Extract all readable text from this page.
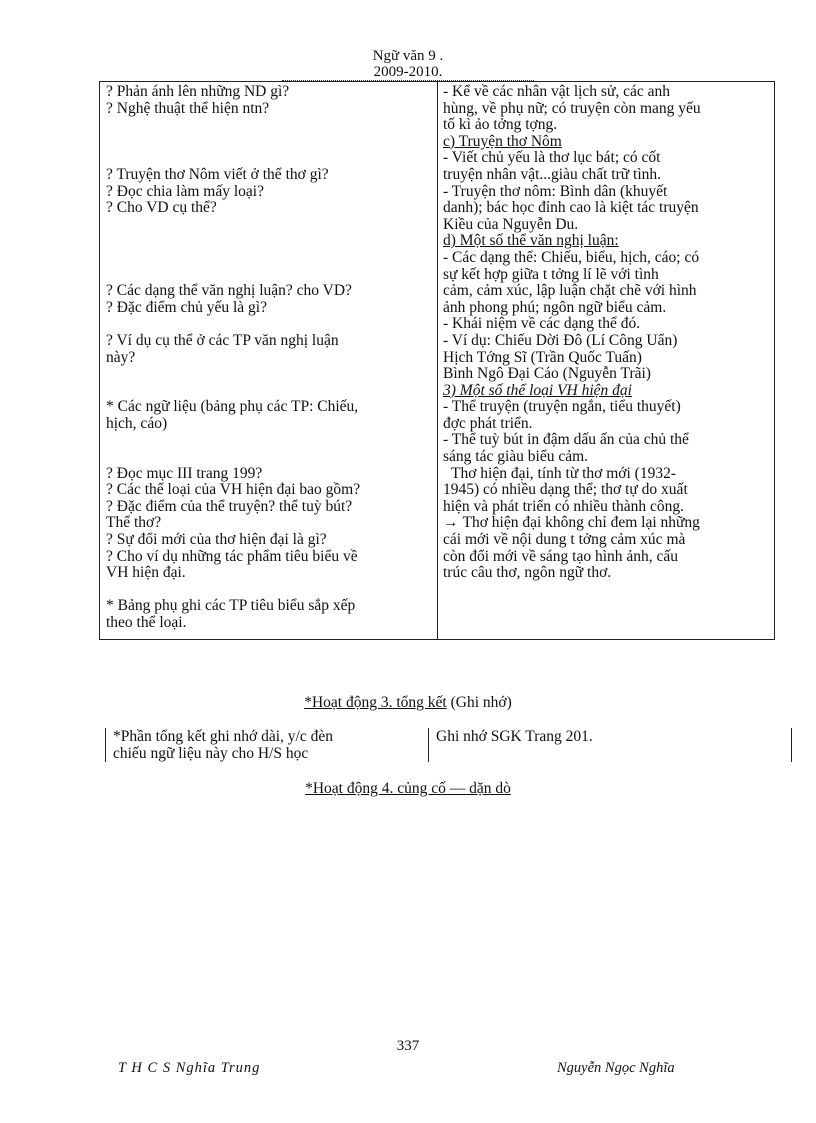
Ngữ văn 9 .
2009-2010.
? Phản ánh lên những ND gì?
? Nghệ thuật thể hiện ntn?
? Truyện thơ Nôm viết ở thể thơ gì?
? Đọc chia làm mấy loại?
? Cho VD cụ thể?
? Các dạng thể văn nghị luận? cho VD?
? Đặc điểm chủ yếu là gì?
? Ví dụ cụ thể ở các TP văn nghị luận
này?
* Các ngữ liệu (bảng phụ các TP: Chiếu,
hịch, cáo)
? Đọc mục III trang 199?
? Các thể loại của VH hiện đại bao gồm?
? Đặc điểm của thể truyện? thể tuỳ bút?
Thể thơ?
? Sự đổi mới của thơ hiện đại là gì?
? Cho ví dụ những tác phẩm tiêu biểu về
VH hiện đại.
* Bảng phụ ghi các TP tiêu biểu sắp xếp
theo thể loại.
- Kể về các nhân vật lịch sử, các anh
hùng, về phụ nữ; có truyện còn mang yếu
tố kì ảo tởng tợng.
c) Truyện thơ Nôm
- Viết chủ yếu là thơ lục bát; có cốt
truyện nhân vật...giàu chất trữ tình.
- Truyện thơ nôm: Bình dân (khuyết
danh); bác học đỉnh cao là kiệt tác truyện
Kiều của Nguyễn Du.
d) Một số thể văn nghị luận:
- Các dạng thể: Chiếu, biểu, hịch, cáo; có
sự kết hợp giữa t tởng lí lẽ với tình
cảm, cảm xúc, lập luận chặt chẽ với hình
ảnh phong phú; ngôn ngữ biểu cảm.
- Khái niệm về các dạng thể đó.
- Ví dụ: Chiếu Dời Đô (Lí Công Uẩn)
Hịch Tớng Sĩ (Trần Quốc Tuấn)
Bình Ngô Đại Cáo (Nguyễn Trãi)
3) Một số thể loại VH hiện đại
- Thể truyện (truyện ngắn, tiểu thuyết)
đợc phát triển.
- Thể tuỳ bút in đậm dấu ấn của chủ thể
sáng tác giàu biểu cảm.
Thơ hiện đại, tính từ thơ mới (1932-
1945) có nhiều dạng thể; thơ tự do xuất
hiện và phát triển có nhiều thành công.
→ Thơ hiện đại không chỉ đem lại những
cái mới về nội dung t tởng cảm xúc mà
còn đổi mới về sáng tạo hình ảnh, cấu
trúc câu thơ, ngôn ngữ thơ.
*Hoạt động 3. tổng kết (Ghi nhớ)
*Phần tổng kết ghi nhớ dài, y/c đèn
chiếu ngữ liệu này cho H/S học
Ghi nhớ SGK Trang 201.
*Hoạt động 4. củng cố — dặn dò
337
T H C S Nghĩa Trung	Nguyễn Ngọc Nghĩa
